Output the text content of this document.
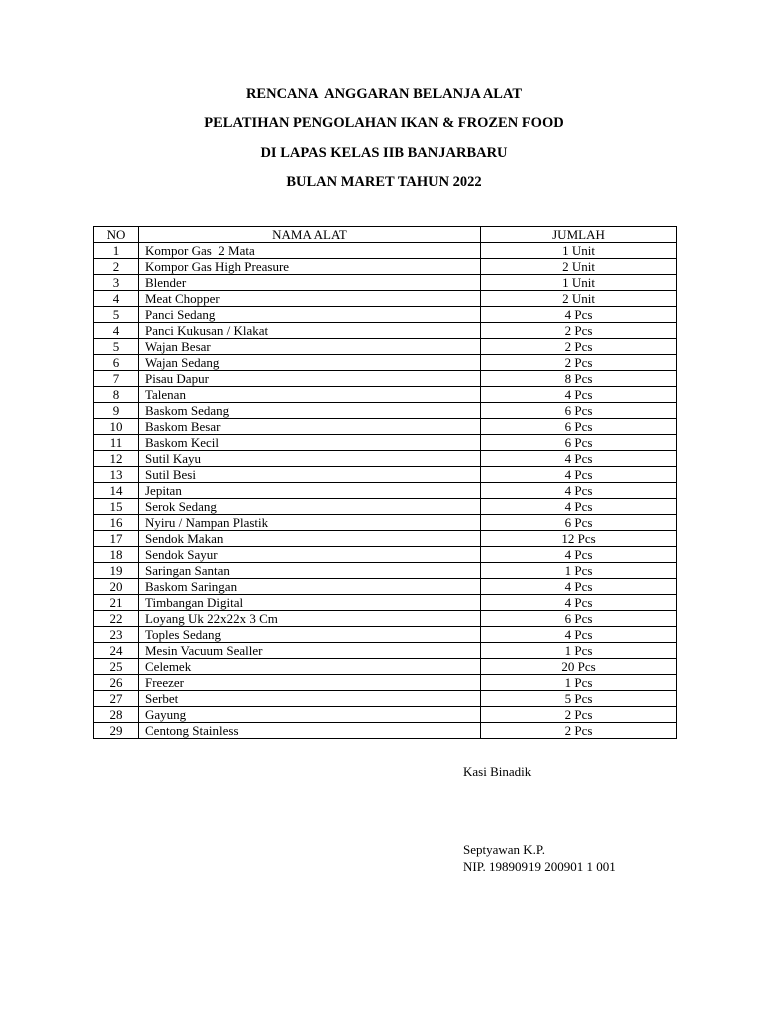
RENCANA  ANGGARAN BELANJA ALAT
PELATIHAN PENGOLAHAN IKAN & FROZEN FOOD
DI LAPAS KELAS IIB BANJARBARU
BULAN MARET TAHUN 2022
NO	NAMA ALAT	JUMLAH
1	Kompor Gas  2 Mata	1 Unit
2	Kompor Gas High Preasure	2 Unit
3	Blender	1 Unit
4	Meat Chopper	2 Unit
5	Panci Sedang	4 Pcs
4	Panci Kukusan / Klakat	2 Pcs
5	Wajan Besar	2 Pcs
6	Wajan Sedang	2 Pcs
7	Pisau Dapur	8 Pcs
8	Talenan	4 Pcs
9	Baskom Sedang	6 Pcs
10	Baskom Besar	6 Pcs
11	Baskom Kecil	6 Pcs
12	Sutil Kayu	4 Pcs
13	Sutil Besi	4 Pcs
14	Jepitan	4 Pcs
15	Serok Sedang	4 Pcs
16	Nyiru / Nampan Plastik	6 Pcs
17	Sendok Makan	12 Pcs
18	Sendok Sayur	4 Pcs
19	Saringan Santan	1 Pcs
20	Baskom Saringan	4 Pcs
21	Timbangan Digital	4 Pcs
22	Loyang Uk 22x22x 3 Cm	6 Pcs
23	Toples Sedang	4 Pcs
24	Mesin Vacuum Sealler	1 Pcs
25	Celemek	20 Pcs
26	Freezer	1 Pcs
27	Serbet	5 Pcs
28	Gayung	2 Pcs
29	Centong Stainless	2 Pcs
Kasi Binadik
Septyawan K.P.
NIP. 19890919 200901 1 001
